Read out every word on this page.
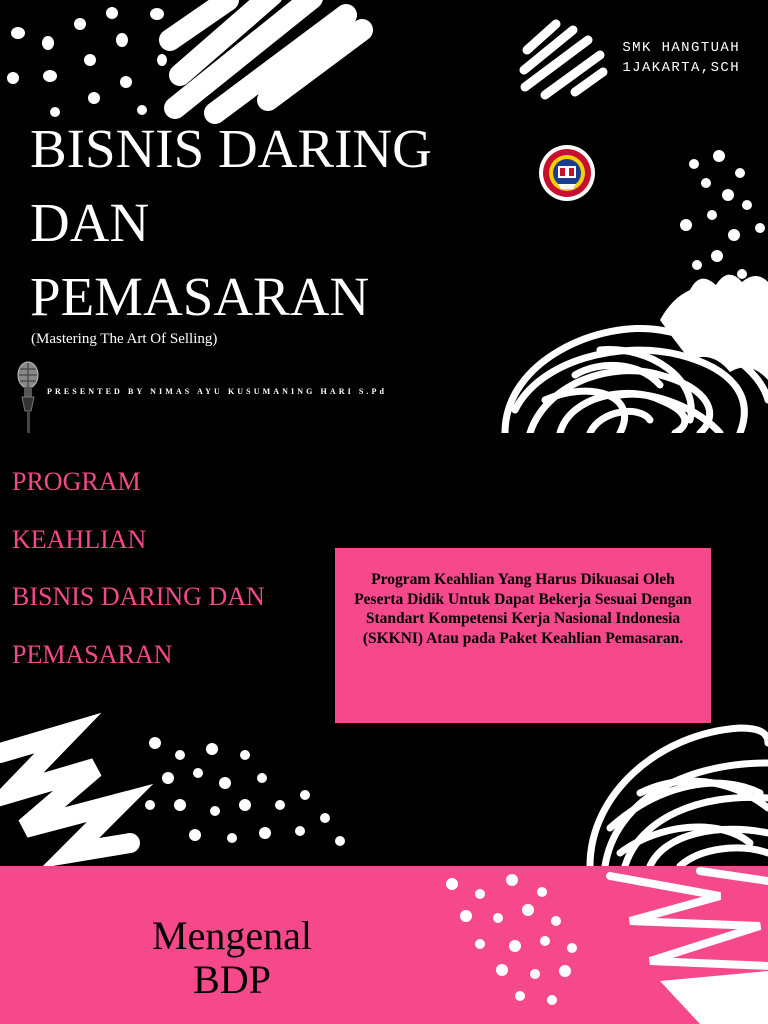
BISNIS DARING
DAN
PEMASARAN
(Mastering The Art Of Selling)
PRESENTED BY NIMAS AYU KUSUMANING HARI S.Pd
SMK HANGTUAH
1JAKARTA,SCH
PROGRAM
KEAHLIAN
BISNIS DARING DAN
PEMASARAN
Program Keahlian Yang Harus Dikuasai Oleh Peserta Didik Untuk Dapat Bekerja Sesuai Dengan Standart Kompetensi Kerja Nasional Indonesia (SKKNI) Atau pada Paket Keahlian Pemasaran.
Mengenal
BDP
